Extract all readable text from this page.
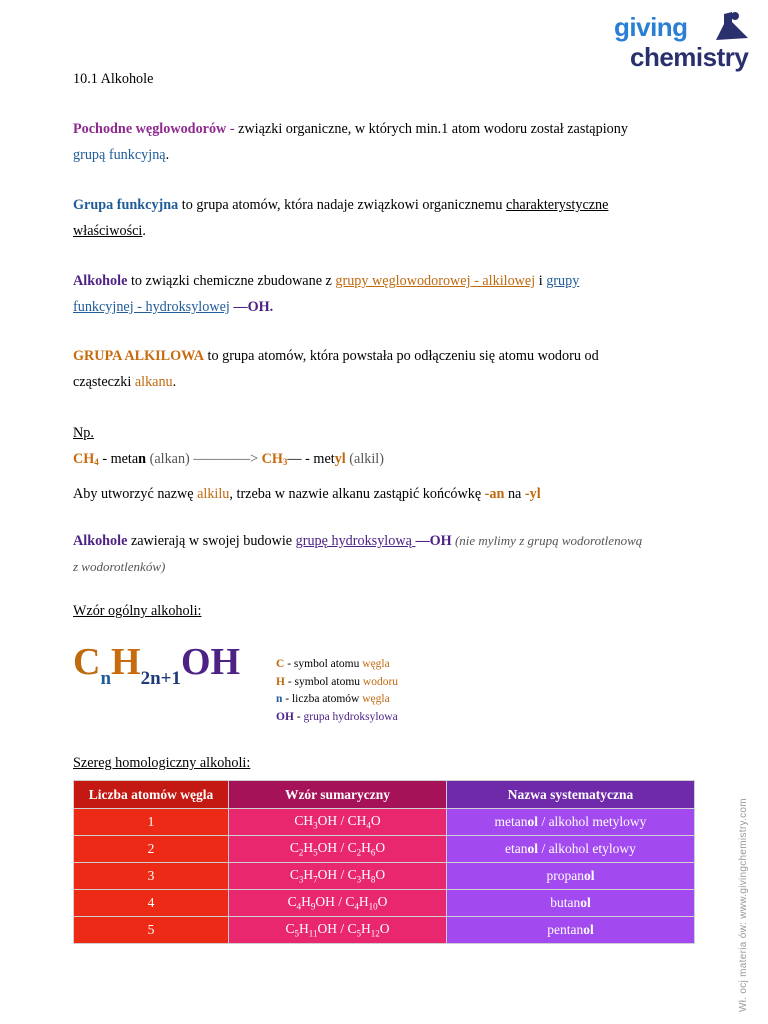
giving
chemistry
10.1 Alkohole
Pochodne węglowodorów - związki organiczne, w których min.1 atom wodoru został zastąpiony
grupą funkcyjną.
Grupa funkcyjna to grupa atomów, która nadaje związkowi organicznemu charakterystyczne
właściwości.
Alkohole to związki chemiczne zbudowane z grupy węglowodorowej - alkilowej i grupy
funkcyjnej - hydroksylowej —OH.
GRUPA ALKILOWA to grupa atomów, która powstała po odłączeniu się atomu wodoru od
cząsteczki alkanu.
Np.
$CH_4$ - metan (alkan) ————> $CH_3—$ - metyl (alkil)
Aby utworzyć nazwę alkilu, trzeba w nazwie alkanu zastąpić końcówkę -an na -yl
Alkohole zawierają w swojej budowie grupę hydroksylową —OH (nie mylimy z grupą wodorotlenową
z wodorotlenków)
Wzór ogólny alkoholi:
CnH2n+1OH	C - symbol atomu węgla
H - symbol atomu wodoru
n - liczba atomów węgla
OH - grupa hydroksylowa
Szereg homologiczny alkoholi:
Liczba atomów węgla	Wzór sumaryczny	Nazwa systematyczna
1	$CH_3OH / CH_4O$	metanol / alkohol metylowy
2	$C_2H_5OH / C_2H_6O$	etanol / alkohol etylowy
3	$C_3H_7OH / C_3H_8O$	propanol
4	$C_4H_9OH / C_4H_{10}O$	butanol
5	$C_5H_{11}OH / C_5H_{12}O$	pentanol	Wł. ocj materia ów: www.givingchemistry.com
